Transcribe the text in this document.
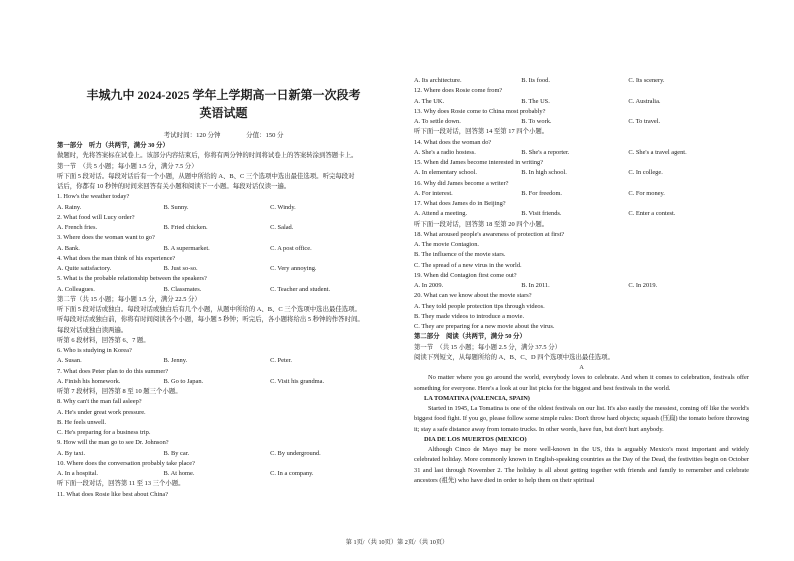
丰城九中 2024-2025 学年上学期高一日新第一次段考
英语试题
考试时间：120 分钟	分值：150 分
第一部分　听力（共两节，满分 30 分）
做题时，先将答案标在试卷上。该部分内容结束后，你将有两分钟的时间将试卷上的答案转涂到答题卡上。
第一节　（共 5 小题；每小题 1.5 分，满分 7.5 分）
听下面 5 段对话。每段对话后有一个小题，从题中所给的 A、B、C 三个选项中选出最佳选项。听完每段对
话后，你都有 10 秒钟的时间来回答有关小题和阅读下一小题。每段对话仅读一遍。
1. How's the weather today?
A. Rainy.	B. Sunny.	C. Windy.
2. What food will Lucy order?
A. French fries.	B. Fried chicken.	C. Salad.
3. Where does the woman want to go?
A. Bank.	B. A supermarket.	C. A post office.
4. What does the man think of his experience?
A. Quite satisfactory.	B. Just so-so.	C. Very annoying.
5. What is the probable relationship between the speakers?
A. Colleagues.	B. Classmates.	C. Teacher and student.
第二节（共 15 小题；每小题 1.5 分，满分 22.5 分）
听下面 5 段对话或独白。每段对话或独白后有几个小题，从题中所给的 A、B、C 三个选项中选出最佳选项。
听每段对话或独白前，你将有时间阅读各个小题，每小题 5 秒钟；听完后，各小题将给出 5 秒钟的作答时间。
每段对话或独白读两遍。
听第 6 段材料，回答第 6、7 题。
6. Who is studying in Korea?
A. Susan.	B. Jenny.	C. Peter.
7. What does Peter plan to do this summer?
A. Finish his homework.	B. Go to Japan.	C. Visit his grandma.
听第 7 段材料，回答第 8 至 10 题三个小题。
8. Why can't the man fall asleep?
A. He's under great work pressure.
B. He feels unwell.
C. He's preparing for a business trip.
9. How will the man go to see Dr. Johnson?
A. By taxi.	B. By car.	C. By underground.
10. Where does the conversation probably take place?
A. In a hospital.	B. At home.	C. In a company.
听下面一段对话，回答第 11 至 13 三个小题。
11. What does Rosie like best about China?
A. Its architecture.	B. Its food.	C. Its scenery.
12. Where does Rosie come from?
A. The UK.	B. The US.	C. Australia.
13. Why does Rosie come to China most probably?
A. To settle down.	B. To work.	C. To travel.
听下面一段对话，回答第 14 至第 17 四个小题。
14. What does the woman do?
A. She's a radio hostess.	B. She's a reporter.	C. She's a travel agent.
15. When did James become interested in writing?
A. In elementary school.	B. In high school.	C. In college.
16. Why did James become a writer?
A. For interest.	B. For freedom.	C. For money.
17. What does James do in Beijing?
A. Attend a meeting.	B. Visit friends.	C. Enter a contest.
听下面一段对话，回答第 18 至第 20 四个小题。
18. What aroused people's awareness of protection at first?
A. The movie Contagion.
B. The influence of the movie stars.
C. The spread of a new virus in the world.
19. When did Contagion first come out?
A. In 2009.	B. In 2011.	C. In 2019.
20. What can we know about the movie stars?
A. They told people protection tips through videos.
B. They made videos to introduce a movie.
C. They are preparing for a new movie about the virus.
第二部分　阅读（共两节，满分 50 分）
第一节　（共 15 小题；每小题 2.5 分，满分 37.5 分）
阅读下列短文，从每题所给的 A、B、C、D 四个选项中选出最佳选项。
A
No matter where you go around the world, everybody loves to celebrate. And when it comes to celebration, festivals offer something for everyone. Here's a look at our list picks for the biggest and best festivals in the world.
LA TOMATINA (VALENCIA, SPAIN)
Started in 1945, La Tomatina is one of the oldest festivals on our list. It's also easily the messiest, coming off like the world's biggest food fight. If you go, please follow some simple rules: Don't throw hard objects; squash (压扁) the tomato before throwing it; stay a safe distance away from tomato trucks. In other words, have fun, but don't hurt anybody.
DIA DE LOS MUERTOS (MEXICO)
Although Cinco de Mayo may be more well-known in the US, this is arguably Mexico's most important and widely celebrated holiday. More commonly known in English-speaking countries as the Day of the Dead, the festivities begin on October 31 and last through November 2. The holiday is all about getting together with friends and family to remember and celebrate ancestors (祖先) who have died in order to help them on their spiritual
第 1页/（共 10页）第 2页/（共 10页）
